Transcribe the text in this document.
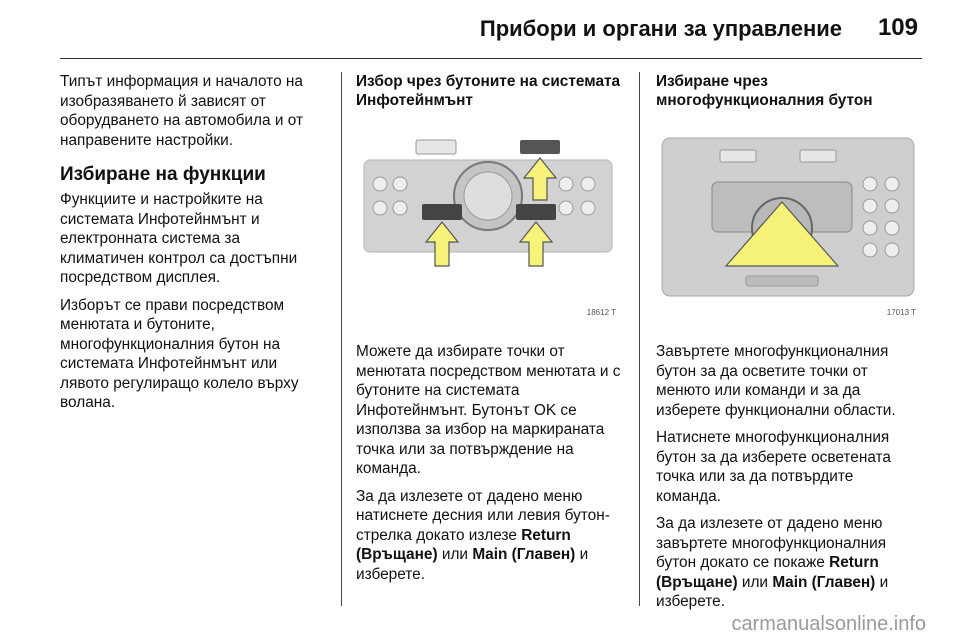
Прибори и органи за управление 109

Типът информация и началото на изобразяването й зависят от оборудването на автомобила и от направените настройки.

Избиране на функции

Функциите и настройките на системата Инфотейнмънт и електронната система за климатичен контрол са достъпни посредством дисплея.

Изборът се прави посредством менютата и бутоните, многофункционалния бутон на системата Инфотейнмънт или лявото регулиращо колело върху волана.

Избор чрез бутоните на системата Инфотейнмънт
18612 T

Можете да избирате точки от менютата посредством менютата и с бутоните на системата Инфотейнмънт. Бутонът OK се използва за избор на маркираната точка или за потвърждение на команда.

За да излезете от дадено меню натиснете десния или левия бутон-стрелка докато излезе Return (Връщане) или Main (Главен) и изберете.

Избиране чрез многофункционалния бутон
17013 T

Завъртете многофункционалния бутон за да осветите точки от менюто или команди и за да изберете функционални области.

Натиснете многофункционалния бутон за да изберете осветената точка или за да потвърдите команда.

За да излезете от дадено меню завъртете многофункционалния бутон докато се покаже Return (Връщане) или Main (Главен) и изберете.

carmanualsonline.info
